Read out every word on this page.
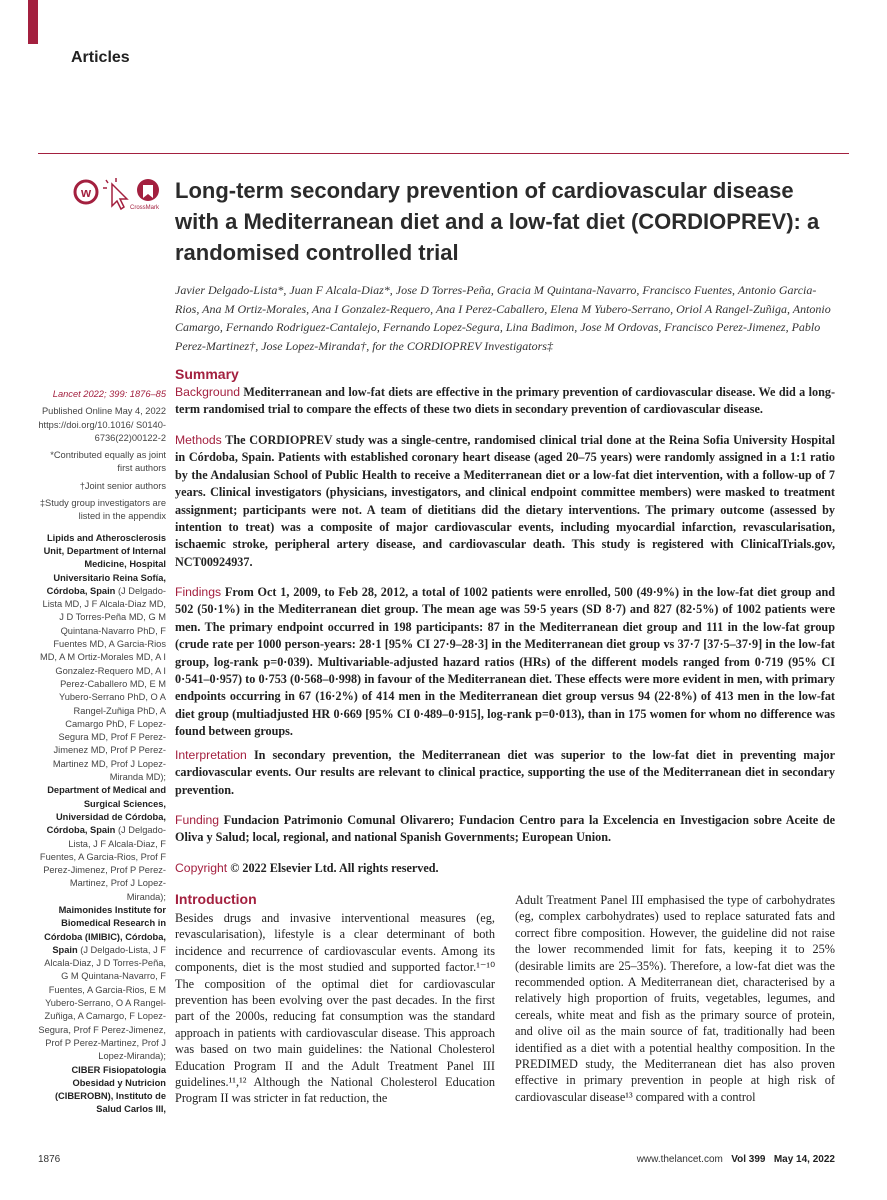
Articles
w
CrossMark
Long-term secondary prevention of cardiovascular disease with a Mediterranean diet and a low-fat diet (CORDIOPREV): a randomised controlled trial

Javier Delgado-Lista*, Juan F Alcala-Diaz*, Jose D Torres-Peña, Gracia M Quintana-Navarro, Francisco Fuentes, Antonio Garcia-Rios, Ana M Ortiz-Morales, Ana I Gonzalez-Requero, Ana I Perez-Caballero, Elena M Yubero-Serrano, Oriol A Rangel-Zuñiga, Antonio Camargo, Fernando Rodriguez-Cantalejo, Fernando Lopez-Segura, Lina Badimon, Jose M Ordovas, Francisco Perez-Jimenez, Pablo Perez-Martinez†, Jose Lopez-Miranda†, for the CORDIOPREV Investigators‡

Lancet 2022; 399: 1876–85
Published Online May 4, 2022
https://doi.org/10.1016/ S0140-6736(22)00122-2
*Contributed equally as joint first authors
†Joint senior authors
‡Study group investigators are listed in the appendix
Lipids and Atherosclerosis Unit, Department of Internal Medicine, Hospital Universitario Reina Sofía, Córdoba, Spain (J Delgado-Lista MD, J F Alcala-Diaz MD, J D Torres-Peña MD, G M Quintana-Navarro PhD, F Fuentes MD, A Garcia-Rios MD, A M Ortiz-Morales MD, A I Gonzalez-Requero MD, A I Perez-Caballero MD, E M Yubero-Serrano PhD, O A Rangel-Zuñiga PhD, A Camargo PhD, F Lopez-Segura MD, Prof F Perez-Jimenez MD, Prof P Perez-Martinez MD, Prof J Lopez-Miranda MD);
Department of Medical and Surgical Sciences, Universidad de Córdoba, Córdoba, Spain (J Delgado-Lista, J F Alcala-Diaz, F Fuentes, A Garcia-Rios, Prof F Perez-Jimenez, Prof P Perez-Martinez, Prof J Lopez-Miranda);
Maimonides Institute for Biomedical Research in Córdoba (IMIBIC), Córdoba, Spain (J Delgado-Lista, J F Alcala-Diaz, J D Torres-Peña, G M Quintana-Navarro, F Fuentes, A Garcia-Rios, E M Yubero-Serrano, O A Rangel-Zuñiga, A Camargo, F Lopez-Segura, Prof F Perez-Jimenez, Prof P Perez-Martinez, Prof J Lopez-Miranda);
CIBER Fisiopatologia Obesidad y Nutricion (CIBEROBN), Instituto de Salud Carlos III,
Summary

Background Mediterranean and low-fat diets are effective in the primary prevention of cardiovascular disease. We did a long-term randomised trial to compare the effects of these two diets in secondary prevention of cardiovascular disease.

Methods The CORDIOPREV study was a single-centre, randomised clinical trial done at the Reina Sofia University Hospital in Córdoba, Spain. Patients with established coronary heart disease (aged 20–75 years) were randomly assigned in a 1:1 ratio by the Andalusian School of Public Health to receive a Mediterranean diet or a low-fat diet intervention, with a follow-up of 7 years. Clinical investigators (physicians, investigators, and clinical endpoint committee members) were masked to treatment assignment; participants were not. A team of dietitians did the dietary interventions. The primary outcome (assessed by intention to treat) was a composite of major cardiovascular events, including myocardial infarction, revascularisation, ischaemic stroke, peripheral artery disease, and cardiovascular death. This study is registered with ClinicalTrials.gov, NCT00924937.

Findings From Oct 1, 2009, to Feb 28, 2012, a total of 1002 patients were enrolled, 500 (49·9%) in the low-fat diet group and 502 (50·1%) in the Mediterranean diet group. The mean age was 59·5 years (SD 8·7) and 827 (82·5%) of 1002 patients were men. The primary endpoint occurred in 198 participants: 87 in the Mediterranean diet group and 111 in the low-fat group (crude rate per 1000 person-years: 28·1 [95% CI 27·9–28·3] in the Mediterranean diet group vs 37·7 [37·5–37·9] in the low-fat group, log-rank p=0·039). Multivariable-adjusted hazard ratios (HRs) of the different models ranged from 0·719 (95% CI 0·541–0·957) to 0·753 (0·568–0·998) in favour of the Mediterranean diet. These effects were more evident in men, with primary endpoints occurring in 67 (16·2%) of 414 men in the Mediterranean diet group versus 94 (22·8%) of 413 men in the low-fat diet group (multiadjusted HR 0·669 [95% CI 0·489–0·915], log-rank p=0·013), than in 175 women for whom no difference was found between groups.

Interpretation In secondary prevention, the Mediterranean diet was superior to the low-fat diet in preventing major cardiovascular events. Our results are relevant to clinical practice, supporting the use of the Mediterranean diet in secondary prevention.

Funding Fundacion Patrimonio Comunal Olivarero; Fundacion Centro para la Excelencia en Investigacion sobre Aceite de Oliva y Salud; local, regional, and national Spanish Governments; European Union.

Copyright © 2022 Elsevier Ltd. All rights reserved.

Introduction

Besides drugs and invasive interventional measures (eg, revascularisation), lifestyle is a clear determinant of both incidence and recurrence of cardiovascular events. Among its components, diet is the most studied and supported factor.¹⁻¹⁰ The composition of the optimal diet for cardiovascular prevention has been evolving over the past decades. In the first part of the 2000s, reducing fat consumption was the standard approach in patients with cardiovascular disease. This approach was based on two main guidelines: the National Cholesterol Education Program II and the Adult Treatment Panel III guidelines.¹¹,¹² Although the National Cholesterol Education Program II was stricter in fat reduction, the

Adult Treatment Panel III emphasised the type of carbohydrates (eg, complex carbohydrates) used to replace saturated fats and correct fibre composition. However, the guideline did not raise the lower recommended limit for fats, keeping it to 25% (desirable limits are 25–35%). Therefore, a low-fat diet was the recommended option. A Mediterranean diet, characterised by a relatively high proportion of fruits, vegetables, legumes, and cereals, white meat and fish as the primary source of protein, and olive oil as the main source of fat, traditionally had been identified as a diet with a potential healthy composition. In the PREDIMED study, the Mediterranean diet has also proven effective in primary prevention in people at high risk of cardiovascular disease¹³ compared with a control

1876	www.thelancet.com Vol 399 May 14, 2022
